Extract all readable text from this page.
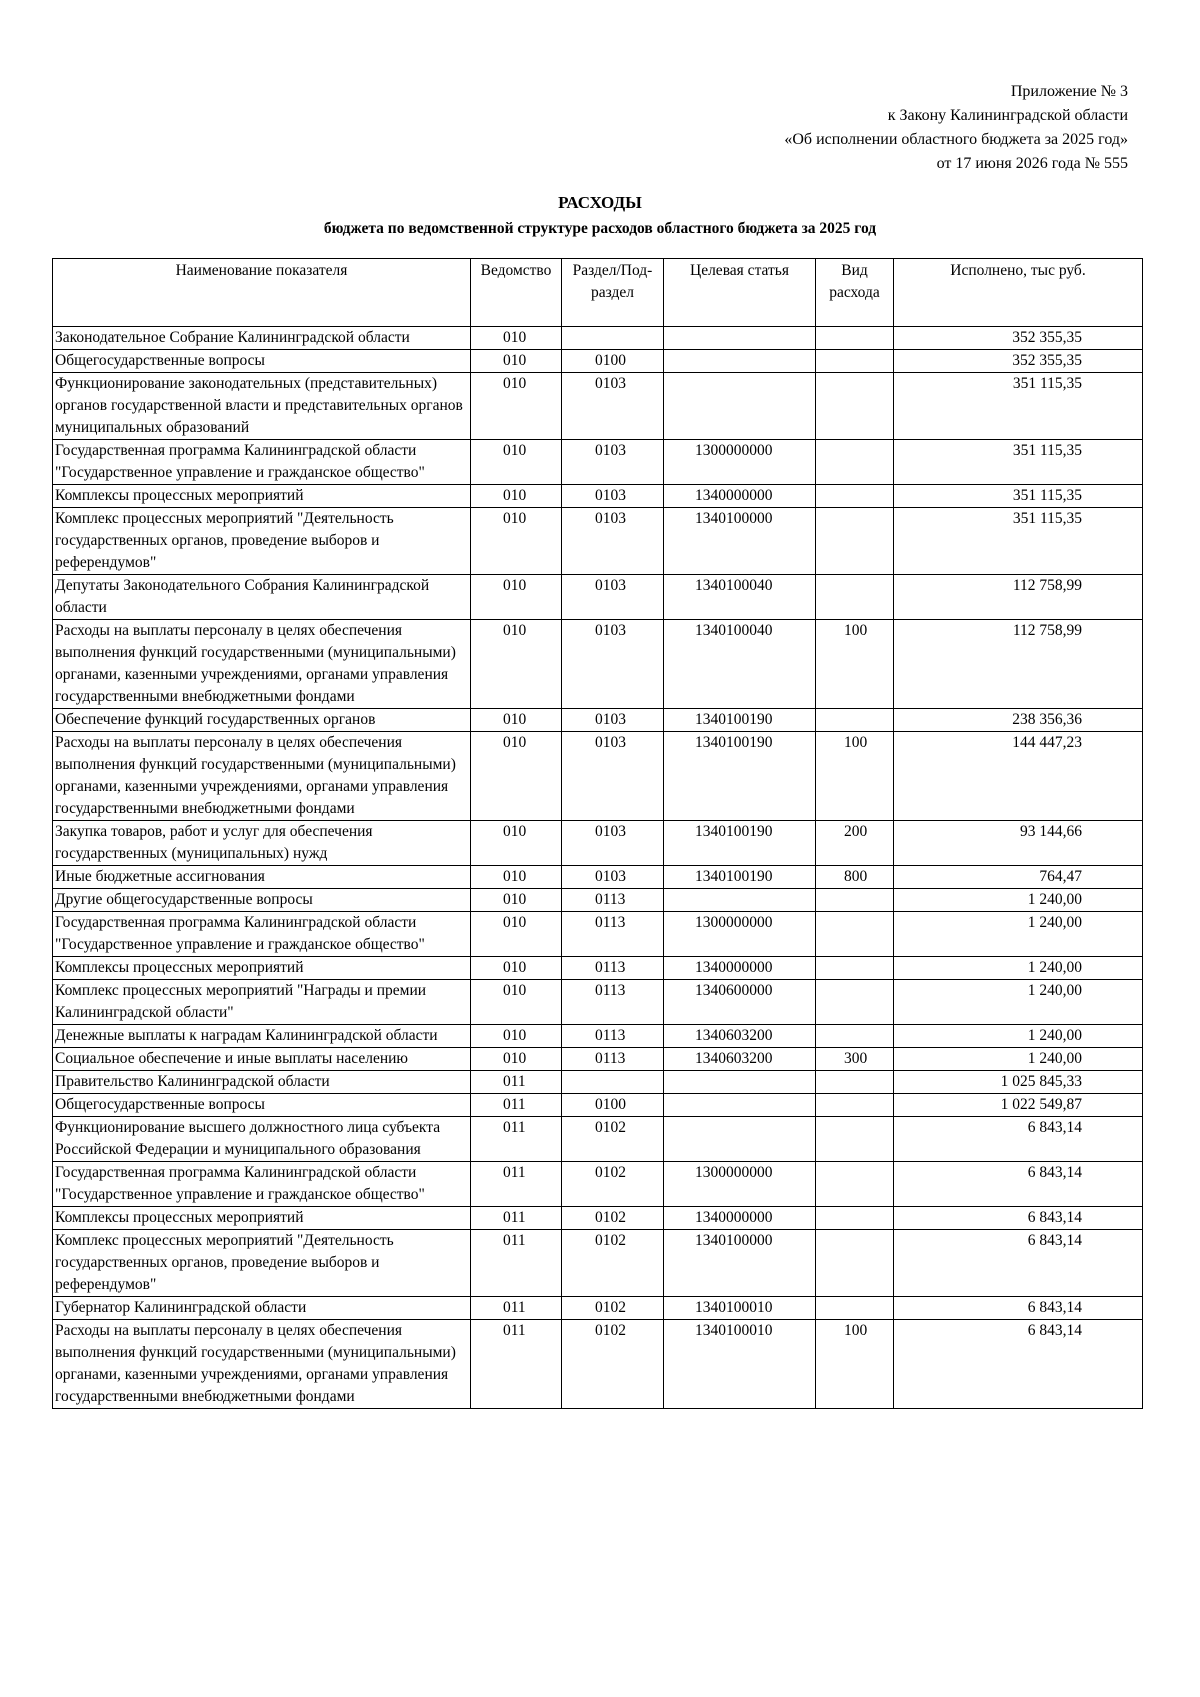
Приложение № 3
к Закону Калининградской области
«Об исполнении областного бюджета за 2025 год»
от 17 июня 2026 года № 555
РАСХОДЫ
бюджета по ведомственной структуре расходов областного бюджета за 2025 год
Наименование показателя	Ведомство	Раздел/Под-раздел	Целевая статья	Вид расхода	Исполнено, тыс руб.
Законодательное Собрание Калининградской области	010				352 355,35
Общегосударственные вопросы	010	0100			352 355,35
Функционирование законодательных (представительных) органов государственной власти и представительных органов муниципальных образований	010	0103			351 115,35
Государственная программа Калининградской области "Государственное управление и гражданское общество"	010	0103	1300000000		351 115,35
Комплексы процессных мероприятий	010	0103	1340000000		351 115,35
Комплекс процессных мероприятий "Деятельность государственных органов, проведение выборов и референдумов"	010	0103	1340100000		351 115,35
Депутаты Законодательного Собрания Калининградской области	010	0103	1340100040		112 758,99
Расходы на выплаты персоналу в целях обеспечения выполнения функций государственными (муниципальными) органами, казенными учреждениями, органами управления государственными внебюджетными фондами	010	0103	1340100040	100	112 758,99
Обеспечение функций государственных органов	010	0103	1340100190		238 356,36
Расходы на выплаты персоналу в целях обеспечения выполнения функций государственными (муниципальными) органами, казенными учреждениями, органами управления государственными внебюджетными фондами	010	0103	1340100190	100	144 447,23
Закупка товаров, работ и услуг для обеспечения государственных (муниципальных) нужд	010	0103	1340100190	200	93 144,66
Иные бюджетные ассигнования	010	0103	1340100190	800	764,47
Другие общегосударственные вопросы	010	0113			1 240,00
Государственная программа Калининградской области "Государственное управление и гражданское общество"	010	0113	1300000000		1 240,00
Комплексы процессных мероприятий	010	0113	1340000000		1 240,00
Комплекс процессных мероприятий "Награды и премии Калининградской области"	010	0113	1340600000		1 240,00
Денежные выплаты к наградам Калининградской области	010	0113	1340603200		1 240,00
Социальное обеспечение и иные выплаты населению	010	0113	1340603200	300	1 240,00
Правительство Калининградской области	011				1 025 845,33
Общегосударственные вопросы	011	0100			1 022 549,87
Функционирование высшего должностного лица субъекта Российской Федерации и муниципального образования	011	0102			6 843,14
Государственная программа Калининградской области "Государственное управление и гражданское общество"	011	0102	1300000000		6 843,14
Комплексы процессных мероприятий	011	0102	1340000000		6 843,14
Комплекс процессных мероприятий "Деятельность государственных органов, проведение выборов и референдумов"	011	0102	1340100000		6 843,14
Губернатор Калининградской области	011	0102	1340100010		6 843,14
Расходы на выплаты персоналу в целях обеспечения выполнения функций государственными (муниципальными) органами, казенными учреждениями, органами управления государственными внебюджетными фондами	011	0102	1340100010	100	6 843,14
